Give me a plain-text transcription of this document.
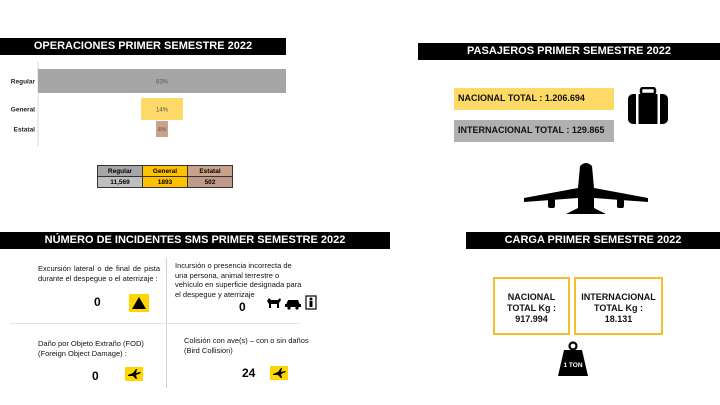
OPERACIONES PRIMER SEMESTRE 2022	PASAJEROS PRIMER SEMESTRE 2022
NÚMERO DE INCIDENTES SMS PRIMER SEMESTRE 2022	CARGA PRIMER SEMESTRE 2022
Regular	83%
General	14%
Estatal	4%
Regular	General	Estatal
11,569	1893	502
NACIONAL TOTAL : 1.206.694
INTERNACIONAL TOTAL : 129.865
Excursión lateral o de final de pista durante el despegue o el aterrizaje :
0
Incursión o presencia incorrecta de una persona, animal terrestre o vehículo en superficie designada para el despegue y aterrizaje
0
Daño por Objeto Extraño (FOD) (Foreign Object Damage) :
0
Colisión con ave(s) – con o sin daños (Bird Collision)
24
NACIONAL TOTAL Kg :
917.994
INTERNACIONAL TOTAL Kg :
18.131
1 TON
